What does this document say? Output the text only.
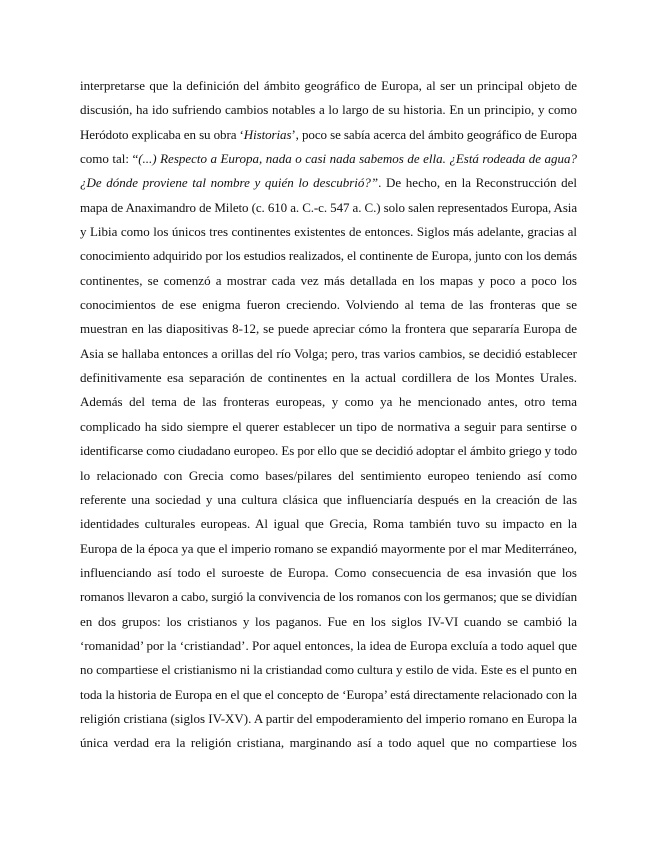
interpretarse que la definición del ámbito geográfico de Europa, al ser un principal objeto de
discusión, ha ido sufriendo cambios notables a lo largo de su historia. En un principio, y como
Heródoto explicaba en su obra ‘Historias’, poco se sabía acerca del ámbito geográfico de Europa
como tal: “(...) Respecto a Europa, nada o casi nada sabemos de ella. ¿Está rodeada de agua?
¿De dónde proviene tal nombre y quién lo descubrió?”. De hecho, en la Reconstrucción del
mapa de Anaximandro de Mileto (c. 610 a. C.-c. 547 a. C.) solo salen representados Europa, Asia
y Libia como los únicos tres continentes existentes de entonces. Siglos más adelante, gracias al
conocimiento adquirido por los estudios realizados, el continente de Europa, junto con los demás
continentes, se comenzó a mostrar cada vez más detallada en los mapas y poco a poco los
conocimientos de ese enigma fueron creciendo. Volviendo al tema de las fronteras que se
muestran en las diapositivas 8-12, se puede apreciar cómo la frontera que separaría Europa de
Asia se hallaba entonces a orillas del río Volga; pero, tras varios cambios, se decidió establecer
definitivamente esa separación de continentes en la actual cordillera de los Montes Urales.
Además del tema de las fronteras europeas, y como ya he mencionado antes, otro tema
complicado ha sido siempre el querer establecer un tipo de normativa a seguir para sentirse o
identificarse como ciudadano europeo. Es por ello que se decidió adoptar el ámbito griego y todo
lo relacionado con Grecia como bases/pilares del sentimiento europeo teniendo así como
referente una sociedad y una cultura clásica que influenciaría después en la creación de las
identidades culturales europeas. Al igual que Grecia, Roma también tuvo su impacto en la
Europa de la época ya que el imperio romano se expandió mayormente por el mar Mediterráneo,
influenciando así todo el suroeste de Europa. Como consecuencia de esa invasión que los
romanos llevaron a cabo, surgió la convivencia de los romanos con los germanos; que se dividían
en dos grupos: los cristianos y los paganos. Fue en los siglos IV-VI cuando se cambió la
‘romanidad’ por la ‘cristiandad’. Por aquel entonces, la idea de Europa excluía a todo aquel que
no compartiese el cristianismo ni la cristiandad como cultura y estilo de vida. Este es el punto en
toda la historia de Europa en el que el concepto de ‘Europa’ está directamente relacionado con la
religión cristiana (siglos IV-XV). A partir del empoderamiento del imperio romano en Europa la
única verdad era la religión cristiana, marginando así a todo aquel que no compartiese los
